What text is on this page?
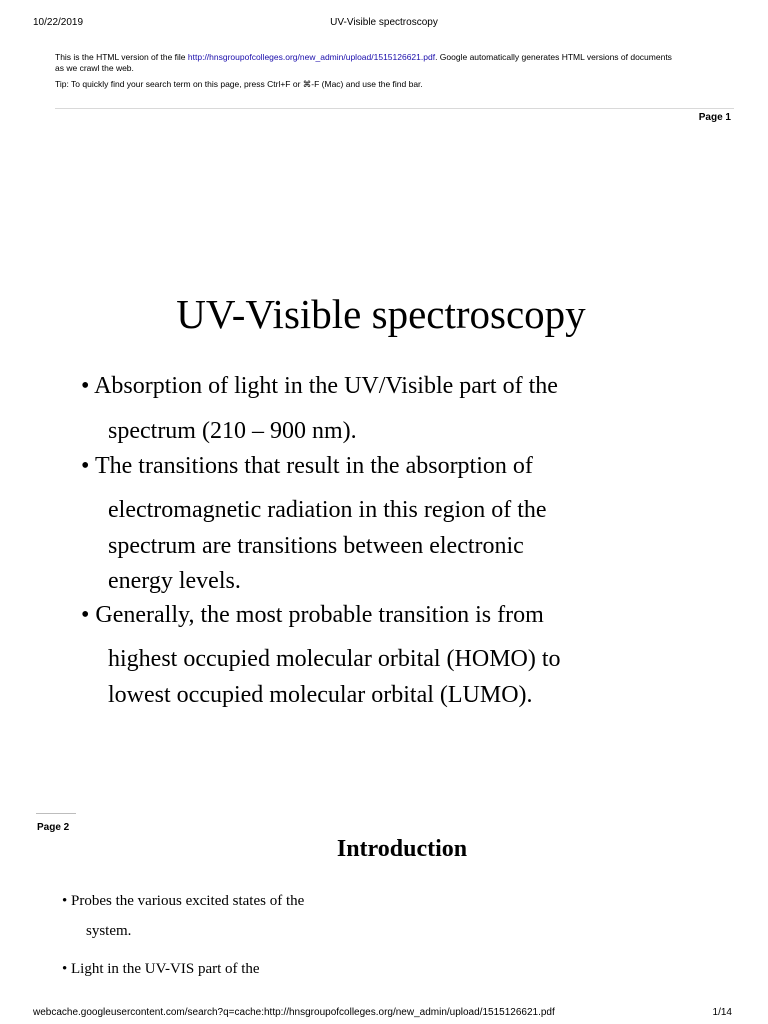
10/22/2019	UV-Visible spectroscopy
This is the HTML version of the file http://hnsgroupofcolleges.org/new_admin/upload/1515126621.pdf. Google automatically generates HTML versions of documents
as we crawl the web.
Tip: To quickly find your search term on this page, press Ctrl+F or ⌘-F (Mac) and use the find bar.
Page 1
UV-Visible spectroscopy
• Absorption of light in the UV/Visible part of the
spectrum (210 – 900 nm).
• The transitions that result in the absorption of
electromagnetic radiation in this region of the
spectrum are transitions between electronic
energy levels.
• Generally, the most probable transition is from
highest occupied molecular orbital (HOMO) to
lowest occupied molecular orbital (LUMO).
Page 2
Introduction
• Probes the various excited states of the
system.
• Light in the UV-VIS part of the
webcache.googleusercontent.com/search?q=cache:http://hnsgroupofcolleges.org/new_admin/upload/1515126621.pdf	1/14
